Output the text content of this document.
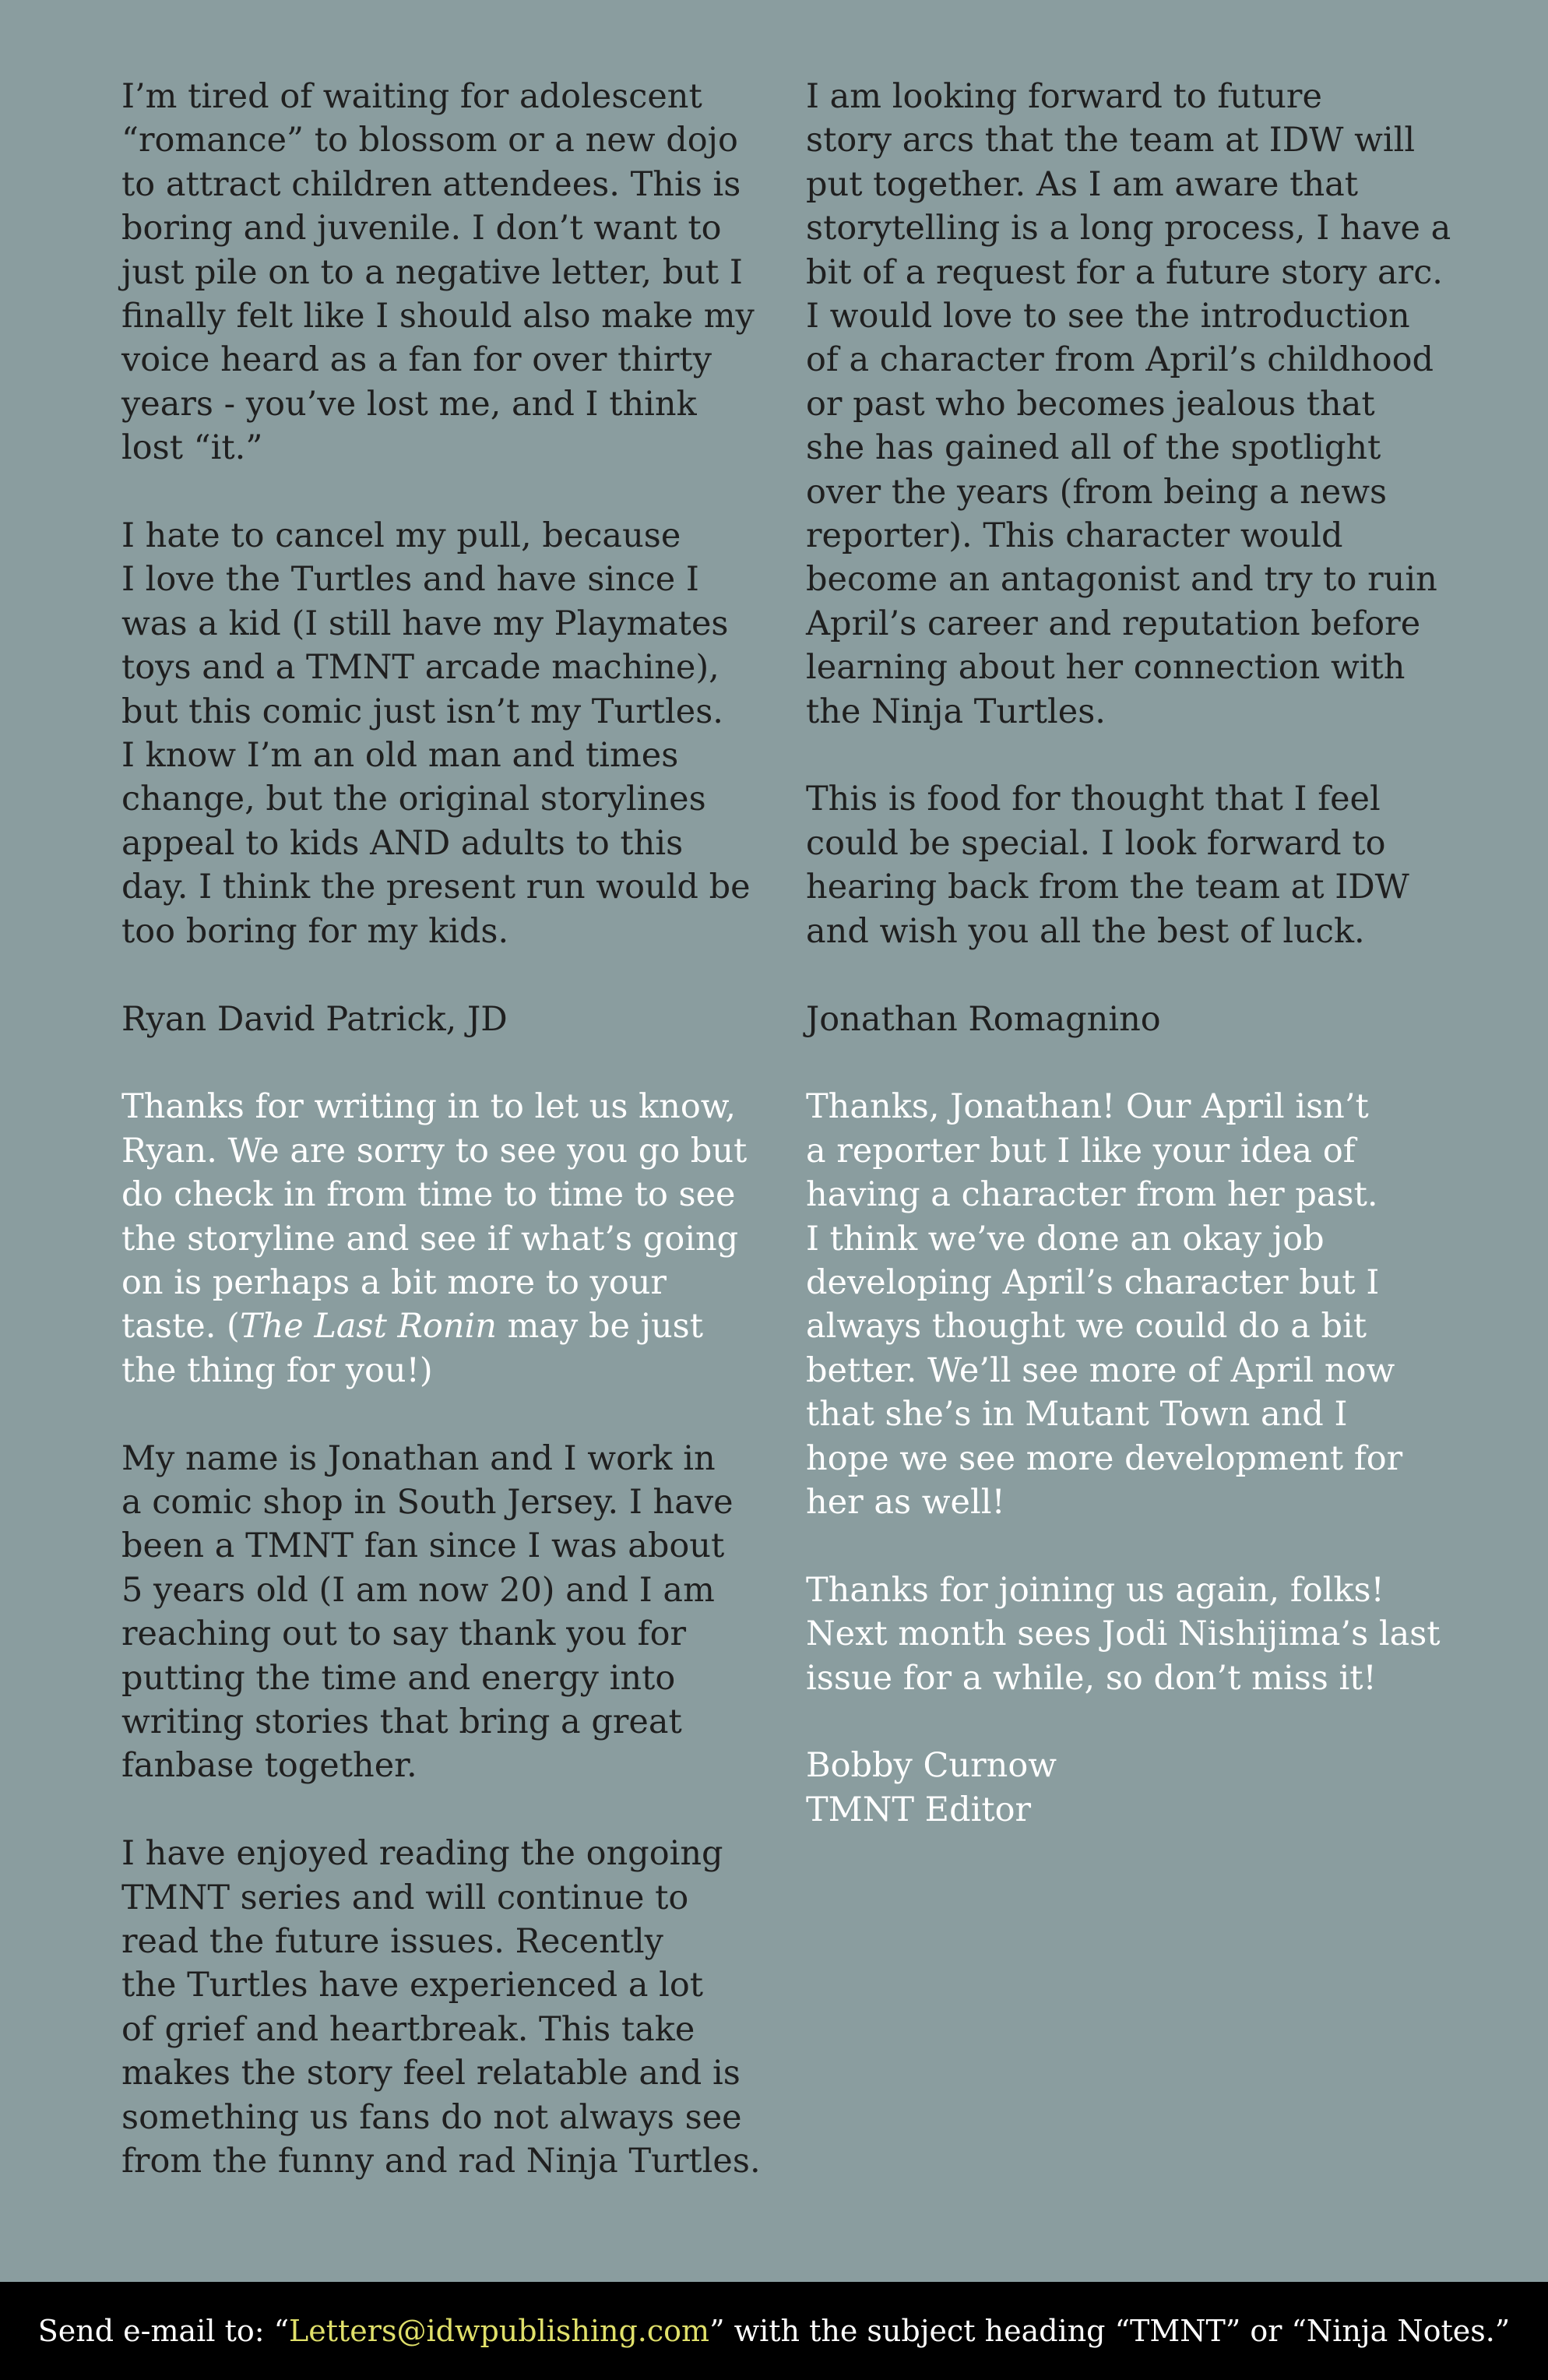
I’m tired of waiting for adolescent
“romance” to blossom or a new dojo
to attract children attendees. This is
boring and juvenile. I don’t want to
just pile on to a negative letter, but I
finally felt like I should also make my
voice heard as a fan for over thirty
years - you’ve lost me, and I think
lost “it.”
I hate to cancel my pull, because
I love the Turtles and have since I
was a kid (I still have my Playmates
toys and a TMNT arcade machine),
but this comic just isn’t my Turtles.
I know I’m an old man and times
change, but the original storylines
appeal to kids AND adults to this
day. I think the present run would be
too boring for my kids.
Ryan David Patrick, JD
Thanks for writing in to let us know,
Ryan. We are sorry to see you go but
do check in from time to time to see
the storyline and see if what’s going
on is perhaps a bit more to your
taste. (The Last Ronin may be just
the thing for you!)
My name is Jonathan and I work in
a comic shop in South Jersey. I have
been a TMNT fan since I was about
5 years old (I am now 20) and I am
reaching out to say thank you for
putting the time and energy into
writing stories that bring a great
fanbase together.
I have enjoyed reading the ongoing
TMNT series and will continue to
read the future issues. Recently
the Turtles have experienced a lot
of grief and heartbreak. This take
makes the story feel relatable and is
something us fans do not always see
from the funny and rad Ninja Turtles.
I am looking forward to future
story arcs that the team at IDW will
put together. As I am aware that
storytelling is a long process, I have a
bit of a request for a future story arc.
I would love to see the introduction
of a character from April’s childhood
or past who becomes jealous that
she has gained all of the spotlight
over the years (from being a news
reporter). This character would
become an antagonist and try to ruin
April’s career and reputation before
learning about her connection with
the Ninja Turtles.
This is food for thought that I feel
could be special. I look forward to
hearing back from the team at IDW
and wish you all the best of luck.
Jonathan Romagnino
Thanks, Jonathan! Our April isn’t
a reporter but I like your idea of
having a character from her past.
I think we’ve done an okay job
developing April’s character but I
always thought we could do a bit
better. We’ll see more of April now
that she’s in Mutant Town and I
hope we see more development for
her as well!
Thanks for joining us again, folks!
Next month sees Jodi Nishijima’s last
issue for a while, so don’t miss it!
Bobby Curnow
TMNT Editor
Send e-mail to: “ Letters@idwpublishing.com ” with the subject heading “TMNT” or “Ninja Notes.”
